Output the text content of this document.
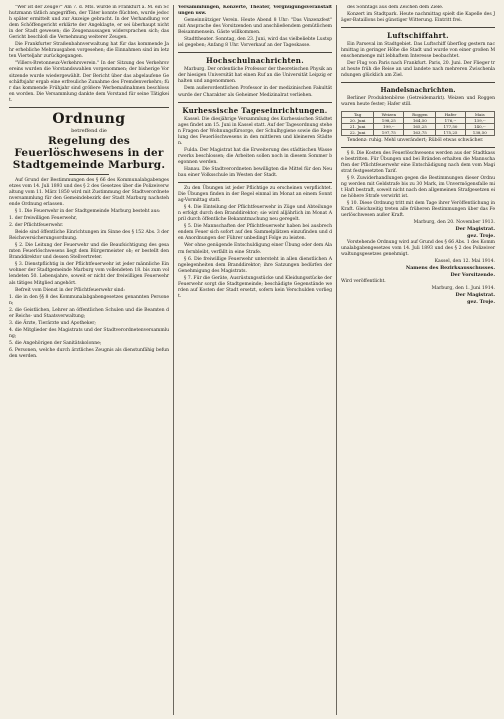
"Wer ist der Zeuge?" Am 7. d. Mts. wurde in Frankfurt a. M. ein Schutzmann tätlich angegriffen, der Täter konnte flüchten, wurde jedoch später ermittelt und zur Anzeige gebracht. In der Verhandlung vor dem Schöffengericht erklärte der Angeklagte, er sei überhaupt nicht in der Stadt gewesen; die Zeugenaussagen widersprachen sich; das Gericht beschloß die Vernehmung weiterer Zeugen.

Die Frankfurter Straßenbahnverwaltung hat für das kommende Jahr erhebliche Mehrausgaben vorgesehen; die Einnahmen sind im letzten Vierteljahr zurückgegangen.

"Villers-Bretonneux-Verkehrsverein." In der Sitzung des Verkehrsvereins wurden die Vorstandswahlen vorgenommen; der bisherige Vorsitzende wurde wiedergewählt. Der Bericht über das abgelaufene Geschäftsjahr ergab eine erfreuliche Zunahme des Fremdenverkehrs; für das kommende Frühjahr sind größere Werbemaßnahmen beschlossen worden. Die Versammlung dankte dem Vorstand für seine Tätigkeit.

Ordnung
betreffend die
Regelung des Feuerlöschwesens in der Stadtgemeinde Marburg.

Auf Grund der Bestimmungen des § 66 des Kommunalabgabengesetzes vom 14. Juli 1893 und des § 2 des Gesetzes über die Polizeiverwaltung vom 11. März 1850 wird mit Zustimmung der Stadtverordnetenversammlung für den Gemeindebezirk der Stadt Marburg nachstehende Ordnung erlassen.

§ 1. Die Feuerwehr in der Stadtgemeinde Marburg besteht aus:

1. der freiwilligen Feuerwehr,

2. der Pflichtfeuerwehr.

Beide sind öffentliche Einrichtungen im Sinne des § 152 Abs. 3 der Reichsversicherungsordnung.

§ 2. Die Leitung der Feuerwehr und die Beaufsichtigung des gesamten Feuerlöschwesens liegt dem Bürgermeister ob; er bestellt den Branddirektor und dessen Stellvertreter.

§ 3. Dienstpflichtig in der Pflichtfeuerwehr ist jeder männliche Einwohner der Stadtgemeinde Marburg vom vollendeten 18. bis zum vollendeten 50. Lebensjahre, soweit er nicht der freiwilligen Feuerwehr als tätiges Mitglied angehört.

Befreit vom Dienst in der Pflichtfeuerwehr sind:

1. die in den §§ 8 des Kommunalabgabengesetzes genannten Personen;

2. die Geistlichen, Lehrer an öffentlichen Schulen und die Beamten der Reichs- und Staatsverwaltung;

3. die Ärzte, Tierärzte und Apotheker;

4. die Mitglieder des Magistrats und der Stadtverordnetenversammlung;

5. die Angehörigen der Sanitätskolonne;

6. Personen, welche durch ärztliches Zeugnis als dienstunfähig befunden werden.

Versammlungen, Konzerte, Theater, Vergnügungsveranstaltungen usw.

Gemeinnütziger Verein. Heute Abend 8 Uhr: "Das Vinzenzfest" mit Ansprache des Vorsitzenden und anschließendem gemütlichem Beisammensein. Gäste willkommen.

Stadttheater. Sonntag, den 23. Juni, wird das vielbeliebte Lustspiel gegeben; Anfang 8 Uhr. Vorverkauf an der Tageskasse.

Hochschulnachrichten.

Marburg. Der ordentliche Professor der theoretischen Physik an der hiesigen Universität hat einen Ruf an die Universität Leipzig erhalten und angenommen.

Dem außerordentlichen Professor in der medizinischen Fakultät wurde der Charakter als Geheimer Medizinalrat verliehen.

Kurhessische Tageseinrichtungen.

Kassel. Die diesjährige Versammlung des Kurhessischen Städtetages findet am 15. Juni in Kassel statt. Auf der Tagesordnung stehen Fragen der Wohnungsfürsorge, der Schulhygiene sowie die Regelung des Feuerlöschwesens in den mittleren und kleineren Städten.

Fulda. Der Magistrat hat die Erweiterung des städtischen Wasserwerks beschlossen; die Arbeiten sollen noch in diesem Sommer begonnen werden.

Hanau. Die Stadtverordneten bewilligten die Mittel für den Neubau einer Volksschule im Westen der Stadt.

Zu den Übungen ist jeder Pflichtige zu erscheinen verpflichtet. Die Übungen finden in der Regel einmal im Monat an einem Sonntag-Vormittag statt.

§ 4. Die Einteilung der Pflichtfeuerwehr in Züge und Abteilungen erfolgt durch den Branddirektor; sie wird alljährlich im Monat April durch öffentliche Bekanntmachung neu geregelt.

§ 5. Die Mannschaften der Pflichtfeuerwehr haben bei ausbrechendem Feuer sich sofort auf den Sammelplätzen einzufinden und den Anordnungen der Führer unbedingt Folge zu leisten.

Wer ohne genügende Entschuldigung einer Übung oder dem Alarm fernbleibt, verfällt in eine Strafe.

§ 6. Die freiwillige Feuerwehr untersteht in allen dienstlichen Angelegenheiten dem Branddirektor; ihre Satzungen bedürfen der Genehmigung des Magistrats.

§ 7. Für die Geräte, Ausrüstungsstücke und Kleidungsstücke der Feuerwehr sorgt die Stadtgemeinde; beschädigte Gegenstände werden auf Kosten der Stadt ersetzt, sofern kein Verschulden vorliegt.

des Sonntags aus dem Zeichen dem Ziele.

Konzert im Stadtpark. Heute nachmittag spielt die Kapelle des Jäger-Bataillons bei günstiger Witterung. Eintritt frei.

Luftschiffahrt.

Ein Parseval im Stadtgebiet. Das Luftschiff überflog gestern nachmittag in geringer Höhe die Stadt und wurde von einer großen Menschenmenge mit lebhaftem Interesse beobachtet.

Der Flug von Paris nach Frankfurt. Paris, 20. Juni. Der Flieger trat heute früh die Reise an und landete nach mehreren Zwischenlandungen glücklich am Ziel.

Handelsnachrichten.

Berliner Produktenbörse (Getreidemarkt). Weizen und Roggen waren heute fester; Hafer still.

Tag	Weizen	Roggen	Hafer	Mais
20. Juni	198,25	164,50	176,--	139,--
21. Juni	199,--	165,25	177,50	140,--
22. Juni	197,75	163,75	175,25	138,50

Tendenz: ruhig. Mehl unverändert; Rüböl etwas schwächer.

§ 8. Die Kosten des Feuerlöschwesens werden aus der Stadtkasse bestritten. Für Übungen und bei Bränden erhalten die Mannschaften der Pflichtfeuerwehr eine Entschädigung nach dem vom Magistrat festgesetzten Tarif.

§ 9. Zuwiderhandlungen gegen die Bestimmungen dieser Ordnung werden mit Geldstrafe bis zu 30 Mark, im Unvermögensfalle mit Haft bestraft, soweit nicht nach den allgemeinen Strafgesetzen eine höhere Strafe verwirkt ist.

§ 10. Diese Ordnung tritt mit dem Tage ihrer Veröffentlichung in Kraft. Gleichzeitig treten alle früheren Bestimmungen über das Feuerlöschwesen außer Kraft.

Marburg, den 20. November 1913.
Der Magistrat.
gez. Troje.

Vorstehende Ordnung wird auf Grund des § 66 Abs. 1 des Kommunalabgabengesetzes vom 14. Juli 1893 und des § 2 des Polizeiverwaltungsgesetzes genehmigt.

Kassel, den 12. Mai 1914.
Namens des Bezirksausschusses.
Der Vorsitzende.

Wird veröffentlicht.

Marburg, den 1. Juni 1914.
Der Magistrat.
gez. Troje.
